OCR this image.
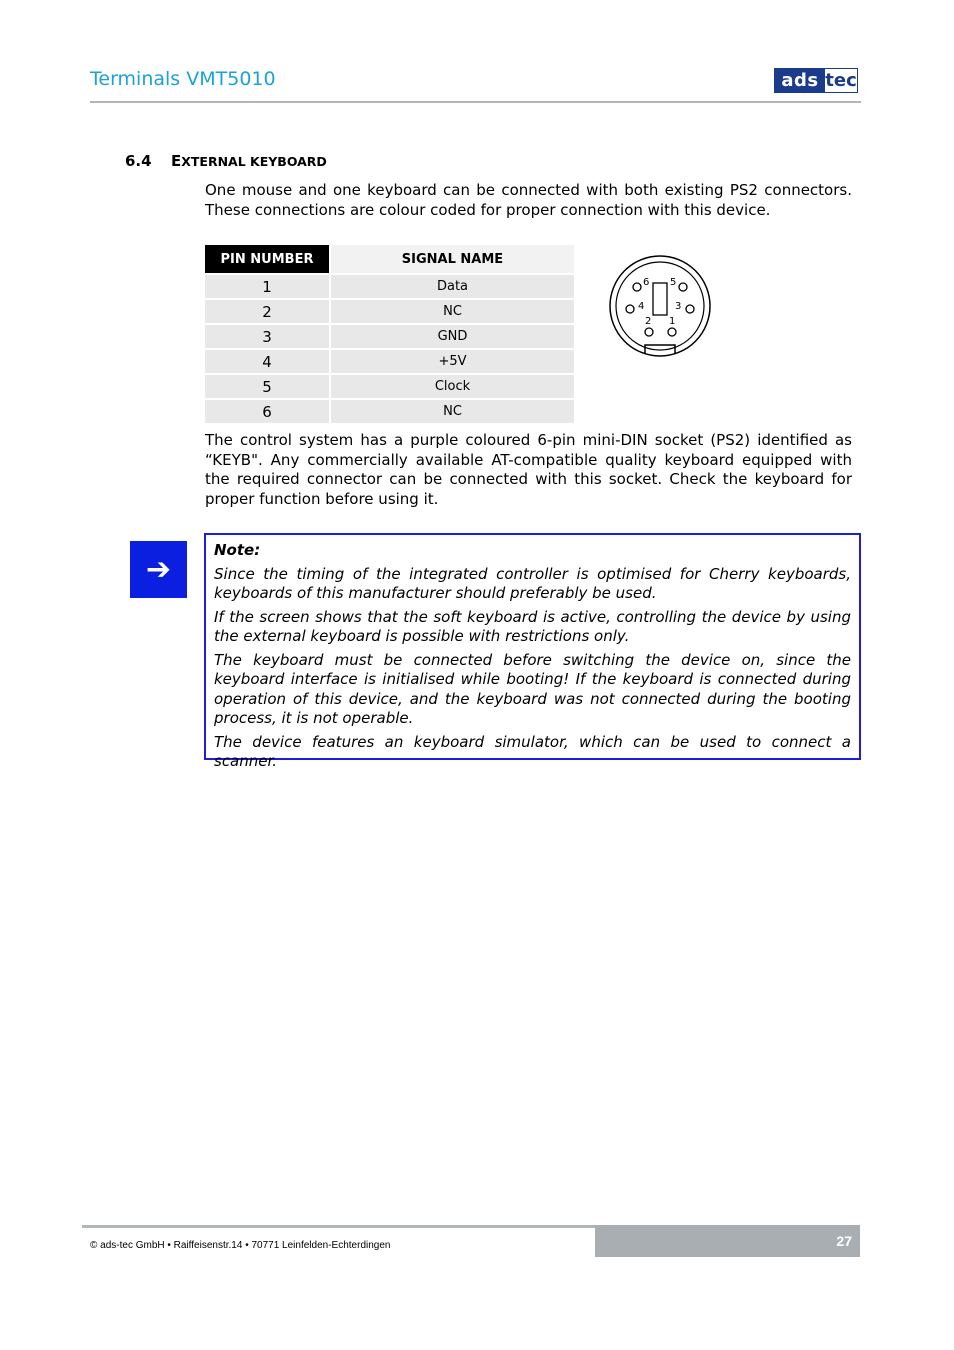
Terminals VMT5010	ads tec
6.4 EXTERNAL KEYBOARD
One mouse and one keyboard can be connected with both existing PS2 connectors. These connections are colour coded for proper connection with this device.
PIN NUMBER	SIGNAL NAME
1	Data
2	NC
3	GND
4	+5V
5	Clock
6	NC
6 5
4	3
2 1
The control system has a purple coloured 6-pin mini-DIN socket (PS2) identified as “KEYB". Any commercially available AT-compatible quality keyboard equipped with the required connector can be connected with this socket. Check the keyboard for proper function before using it.
➔
Note:

Since the timing of the integrated controller is optimised for Cherry keyboards, keyboards of this manufacturer should preferably be used.

If the screen shows that the soft keyboard is active, controlling the device by using the external keyboard is possible with restrictions only.

The keyboard must be connected before switching the device on, since the keyboard interface is initialised while booting! If the keyboard is connected during operation of this device, and the keyboard was not connected during the booting process, it is not operable.

The device features an keyboard simulator, which can be used to connect a scanner.

27
© ads-tec GmbH • Raiffeisenstr.14 • 70771 Leinfelden-Echterdingen
